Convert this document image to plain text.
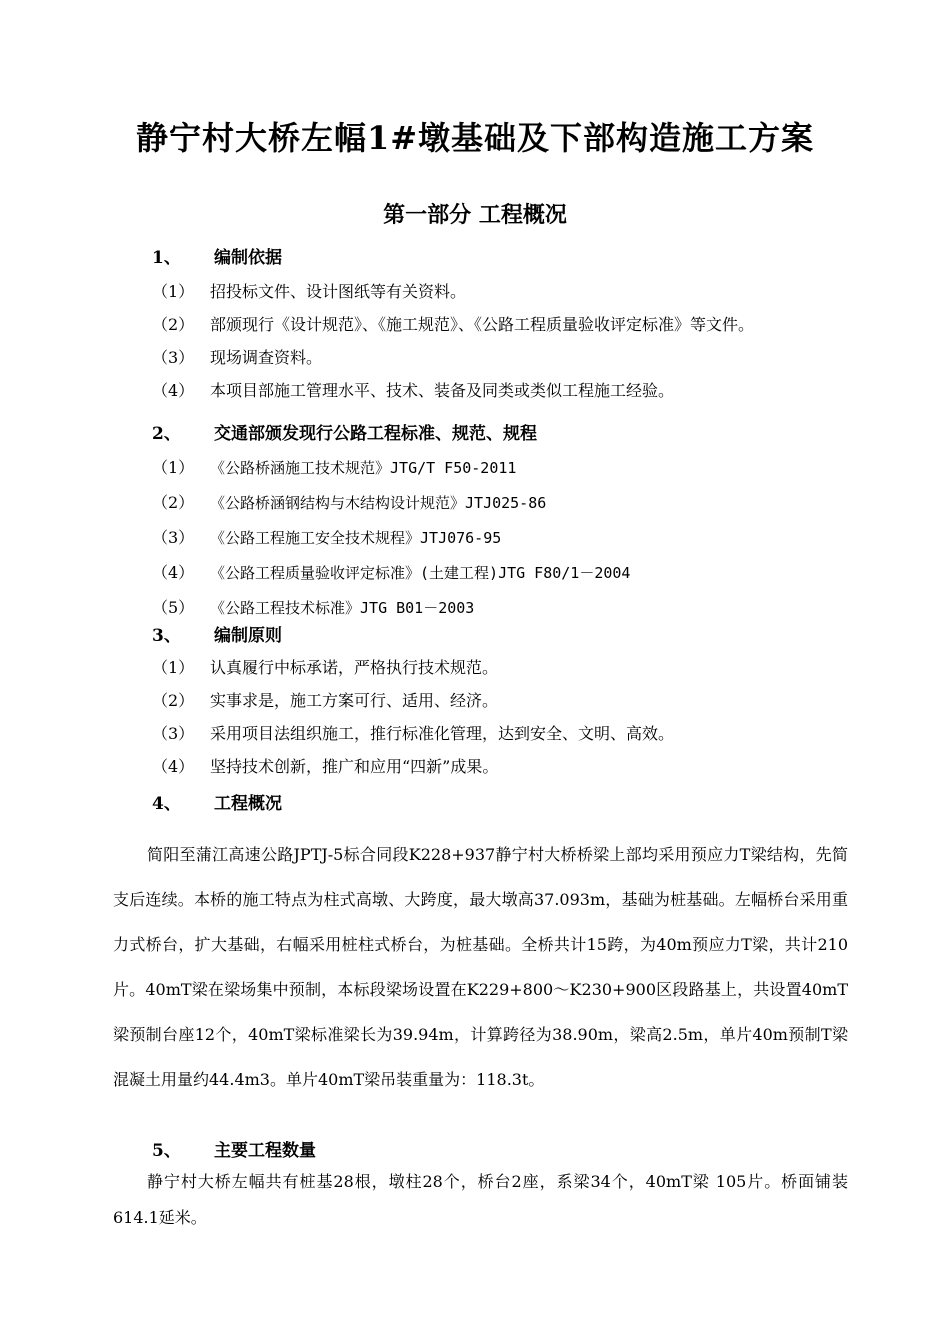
静宁村大桥左幅1#墩基础及下部构造施工方案
第一部分 工程概况
1、 编制依据
（1） 招投标文件、设计图纸等有关资料。
（2） 部颁现行《设计规范》、《施工规范》、《公路工程质量验收评定标准》等文件。
（3） 现场调查资料。
（4） 本项目部施工管理水平、技术、装备及同类或类似工程施工经验。
2、 交通部颁发现行公路工程标准、规范、规程
（1） 《公路桥涵施工技术规范》JTG/T F50-2011
（2） 《公路桥涵钢结构与木结构设计规范》JTJ025-86
（3） 《公路工程施工安全技术规程》JTJ076-95
（4） 《公路工程质量验收评定标准》(土建工程)JTG F80/1－2004
（5） 《公路工程技术标准》JTG B01－2003
3、 编制原则
（1） 认真履行中标承诺，严格执行技术规范。
（2） 实事求是，施工方案可行、适用、经济。
（3） 采用项目法组织施工，推行标准化管理，达到安全、文明、高效。
（4） 坚持技术创新，推广和应用“四新”成果。
4、 工程概况

简阳至蒲江高速公路JPTJ-5标合同段K228+937静宁村大桥桥梁上部均采用预应力T梁结构，先简支后连续。本桥的施工特点为柱式高墩、大跨度，最大墩高37.093m，基础为桩基础。左幅桥台采用重力式桥台，扩大基础，右幅采用桩柱式桥台，为桩基础。全桥共计15跨，为40m预应力T梁，共计210片。40mT梁在梁场集中预制，本标段梁场设置在K229+800～K230+900区段路基上，共设置40mT梁预制台座12个，40mT梁标准梁长为39.94m，计算跨径为38.90m，梁高2.5m，单片40m预制T梁混凝土用量约44.4m3。单片40mT梁吊装重量为：118.3t。

5、 主要工程数量

静宁村大桥左幅共有桩基28根，墩柱28个，桥台2座，系梁34个，40mT梁 105片。桥面铺装614.1延米。
